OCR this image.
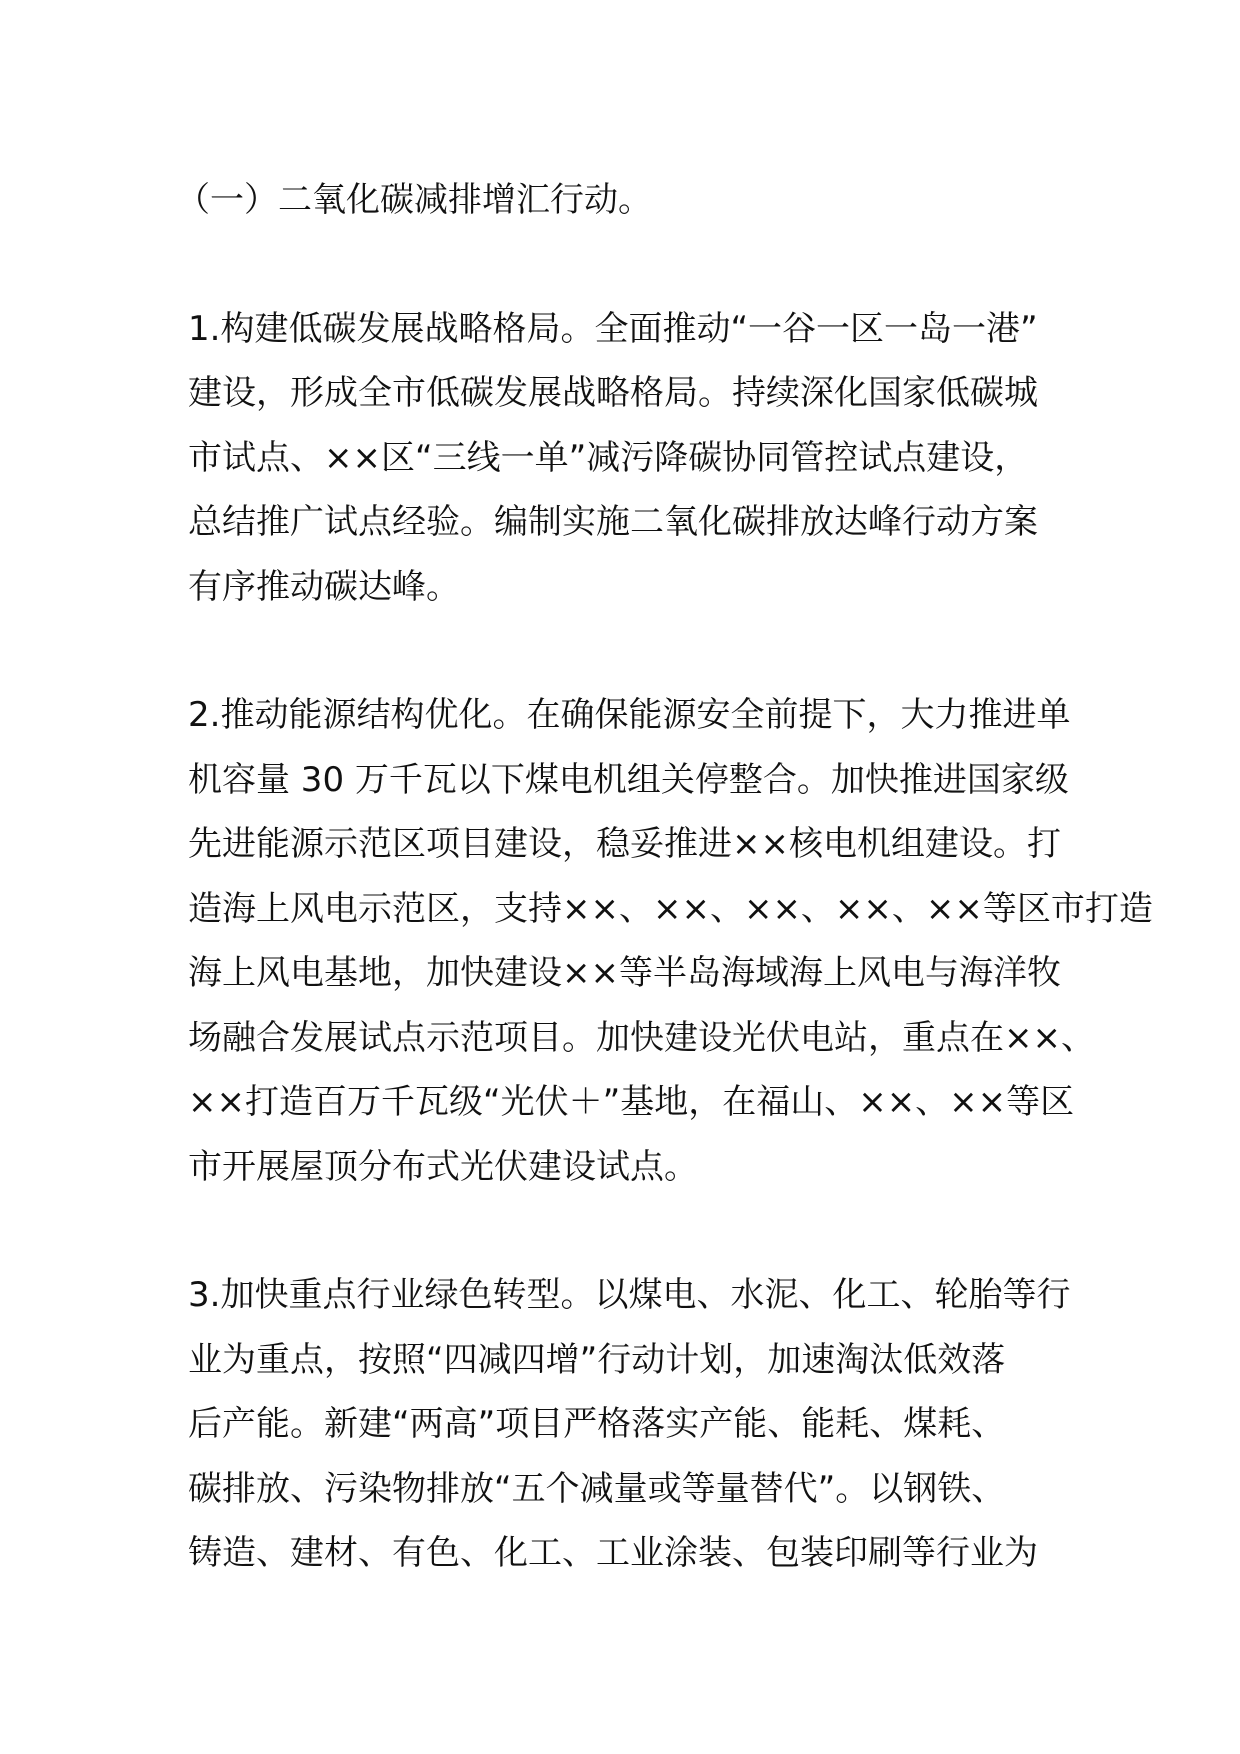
（一）二氧化碳减排增汇行动。
1.构建低碳发展战略格局。全面推动“一谷一区一岛一港”
建设，形成全市低碳发展战略格局。持续深化国家低碳城
市试点、××区“三线一单”减污降碳协同管控试点建设，
总结推广试点经验。编制实施二氧化碳排放达峰行动方案
有序推动碳达峰。
2.推动能源结构优化。在确保能源安全前提下，大力推进单
机容量 30 万千瓦以下煤电机组关停整合。加快推进国家级
先进能源示范区项目建设，稳妥推进××核电机组建设。打
造海上风电示范区，支持××、××、××、××、××等区市打造
海上风电基地，加快建设××等半岛海域海上风电与海洋牧
场融合发展试点示范项目。加快建设光伏电站，重点在××、
××打造百万千瓦级“光伏＋”基地，在福山、××、××等区
市开展屋顶分布式光伏建设试点。
3.加快重点行业绿色转型。以煤电、水泥、化工、轮胎等行
业为重点，按照“四减四增”行动计划，加速淘汰低效落
后产能。新建“两高”项目严格落实产能、能耗、煤耗、
碳排放、污染物排放“五个减量或等量替代”。以钢铁、
铸造、建材、有色、化工、工业涂装、包装印刷等行业为
